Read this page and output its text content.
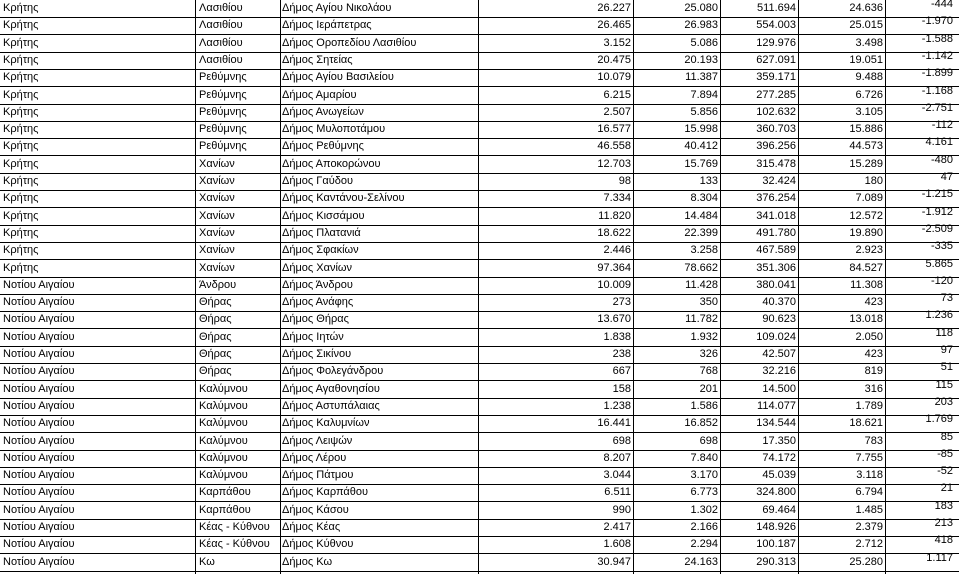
Κρήτης	Λασιθίου	Δήμος Αγίου Νικολάου	26.227	25.080	511.694	24.636	-444
Κρήτης	Λασιθίου	Δήμος Ιεράπετρας	26.465	26.983	554.003	25.015	-1.970
Κρήτης	Λασιθίου	Δήμος Οροπεδίου Λασιθίου	3.152	5.086	129.976	3.498	-1.588
Κρήτης	Λασιθίου	Δήμος Σητείας	20.475	20.193	627.091	19.051	-1.142
Κρήτης	Ρεθύμνης	Δήμος Αγίου Βασιλείου	10.079	11.387	359.171	9.488	-1.899
Κρήτης	Ρεθύμνης	Δήμος Αμαρίου	6.215	7.894	277.285	6.726	-1.168
Κρήτης	Ρεθύμνης	Δήμος Ανωγείων	2.507	5.856	102.632	3.105	-2.751
Κρήτης	Ρεθύμνης	Δήμος Μυλοποτάμου	16.577	15.998	360.703	15.886	-112
Κρήτης	Ρεθύμνης	Δήμος Ρεθύμνης	46.558	40.412	396.256	44.573	4.161
Κρήτης	Χανίων	Δήμος Αποκορώνου	12.703	15.769	315.478	15.289	-480
Κρήτης	Χανίων	Δήμος Γαύδου	98	133	32.424	180	47
Κρήτης	Χανίων	Δήμος Καντάνου-Σελίνου	7.334	8.304	376.254	7.089	-1.215
Κρήτης	Χανίων	Δήμος Κισσάμου	11.820	14.484	341.018	12.572	-1.912
Κρήτης	Χανίων	Δήμος Πλατανιά	18.622	22.399	491.780	19.890	-2.509
Κρήτης	Χανίων	Δήμος Σφακίων	2.446	3.258	467.589	2.923	-335
Κρήτης	Χανίων	Δήμος Χανίων	97.364	78.662	351.306	84.527	5.865
Νοτίου Αιγαίου	Άνδρου	Δήμος Άνδρου	10.009	11.428	380.041	11.308	-120
Νοτίου Αιγαίου	Θήρας	Δήμος Ανάφης	273	350	40.370	423	73
Νοτίου Αιγαίου	Θήρας	Δήμος Θήρας	13.670	11.782	90.623	13.018	1.236
Νοτίου Αιγαίου	Θήρας	Δήμος Ιητών	1.838	1.932	109.024	2.050	118
Νοτίου Αιγαίου	Θήρας	Δήμος Σικίνου	238	326	42.507	423	97
Νοτίου Αιγαίου	Θήρας	Δήμος Φολεγάνδρου	667	768	32.216	819	51
Νοτίου Αιγαίου	Καλύμνου	Δήμος Αγαθονησίου	158	201	14.500	316	115
Νοτίου Αιγαίου	Καλύμνου	Δήμος Αστυπάλαιας	1.238	1.586	114.077	1.789	203
Νοτίου Αιγαίου	Καλύμνου	Δήμος Καλυμνίων	16.441	16.852	134.544	18.621	1.769
Νοτίου Αιγαίου	Καλύμνου	Δήμος Λειψών	698	698	17.350	783	85
Νοτίου Αιγαίου	Καλύμνου	Δήμος Λέρου	8.207	7.840	74.172	7.755	-85
Νοτίου Αιγαίου	Καλύμνου	Δήμος Πάτμου	3.044	3.170	45.039	3.118	-52
Νοτίου Αιγαίου	Καρπάθου	Δήμος Καρπάθου	6.511	6.773	324.800	6.794	21
Νοτίου Αιγαίου	Καρπάθου	Δήμος Κάσου	990	1.302	69.464	1.485	183
Νοτίου Αιγαίου	Κέας - Κύθνου	Δήμος Κέας	2.417	2.166	148.926	2.379	213
Νοτίου Αιγαίου	Κέας - Κύθνου	Δήμος Κύθνου	1.608	2.294	100.187	2.712	418
Νοτίου Αιγαίου	Κω	Δήμος Κω	30.947	24.163	290.313	25.280	1.117
